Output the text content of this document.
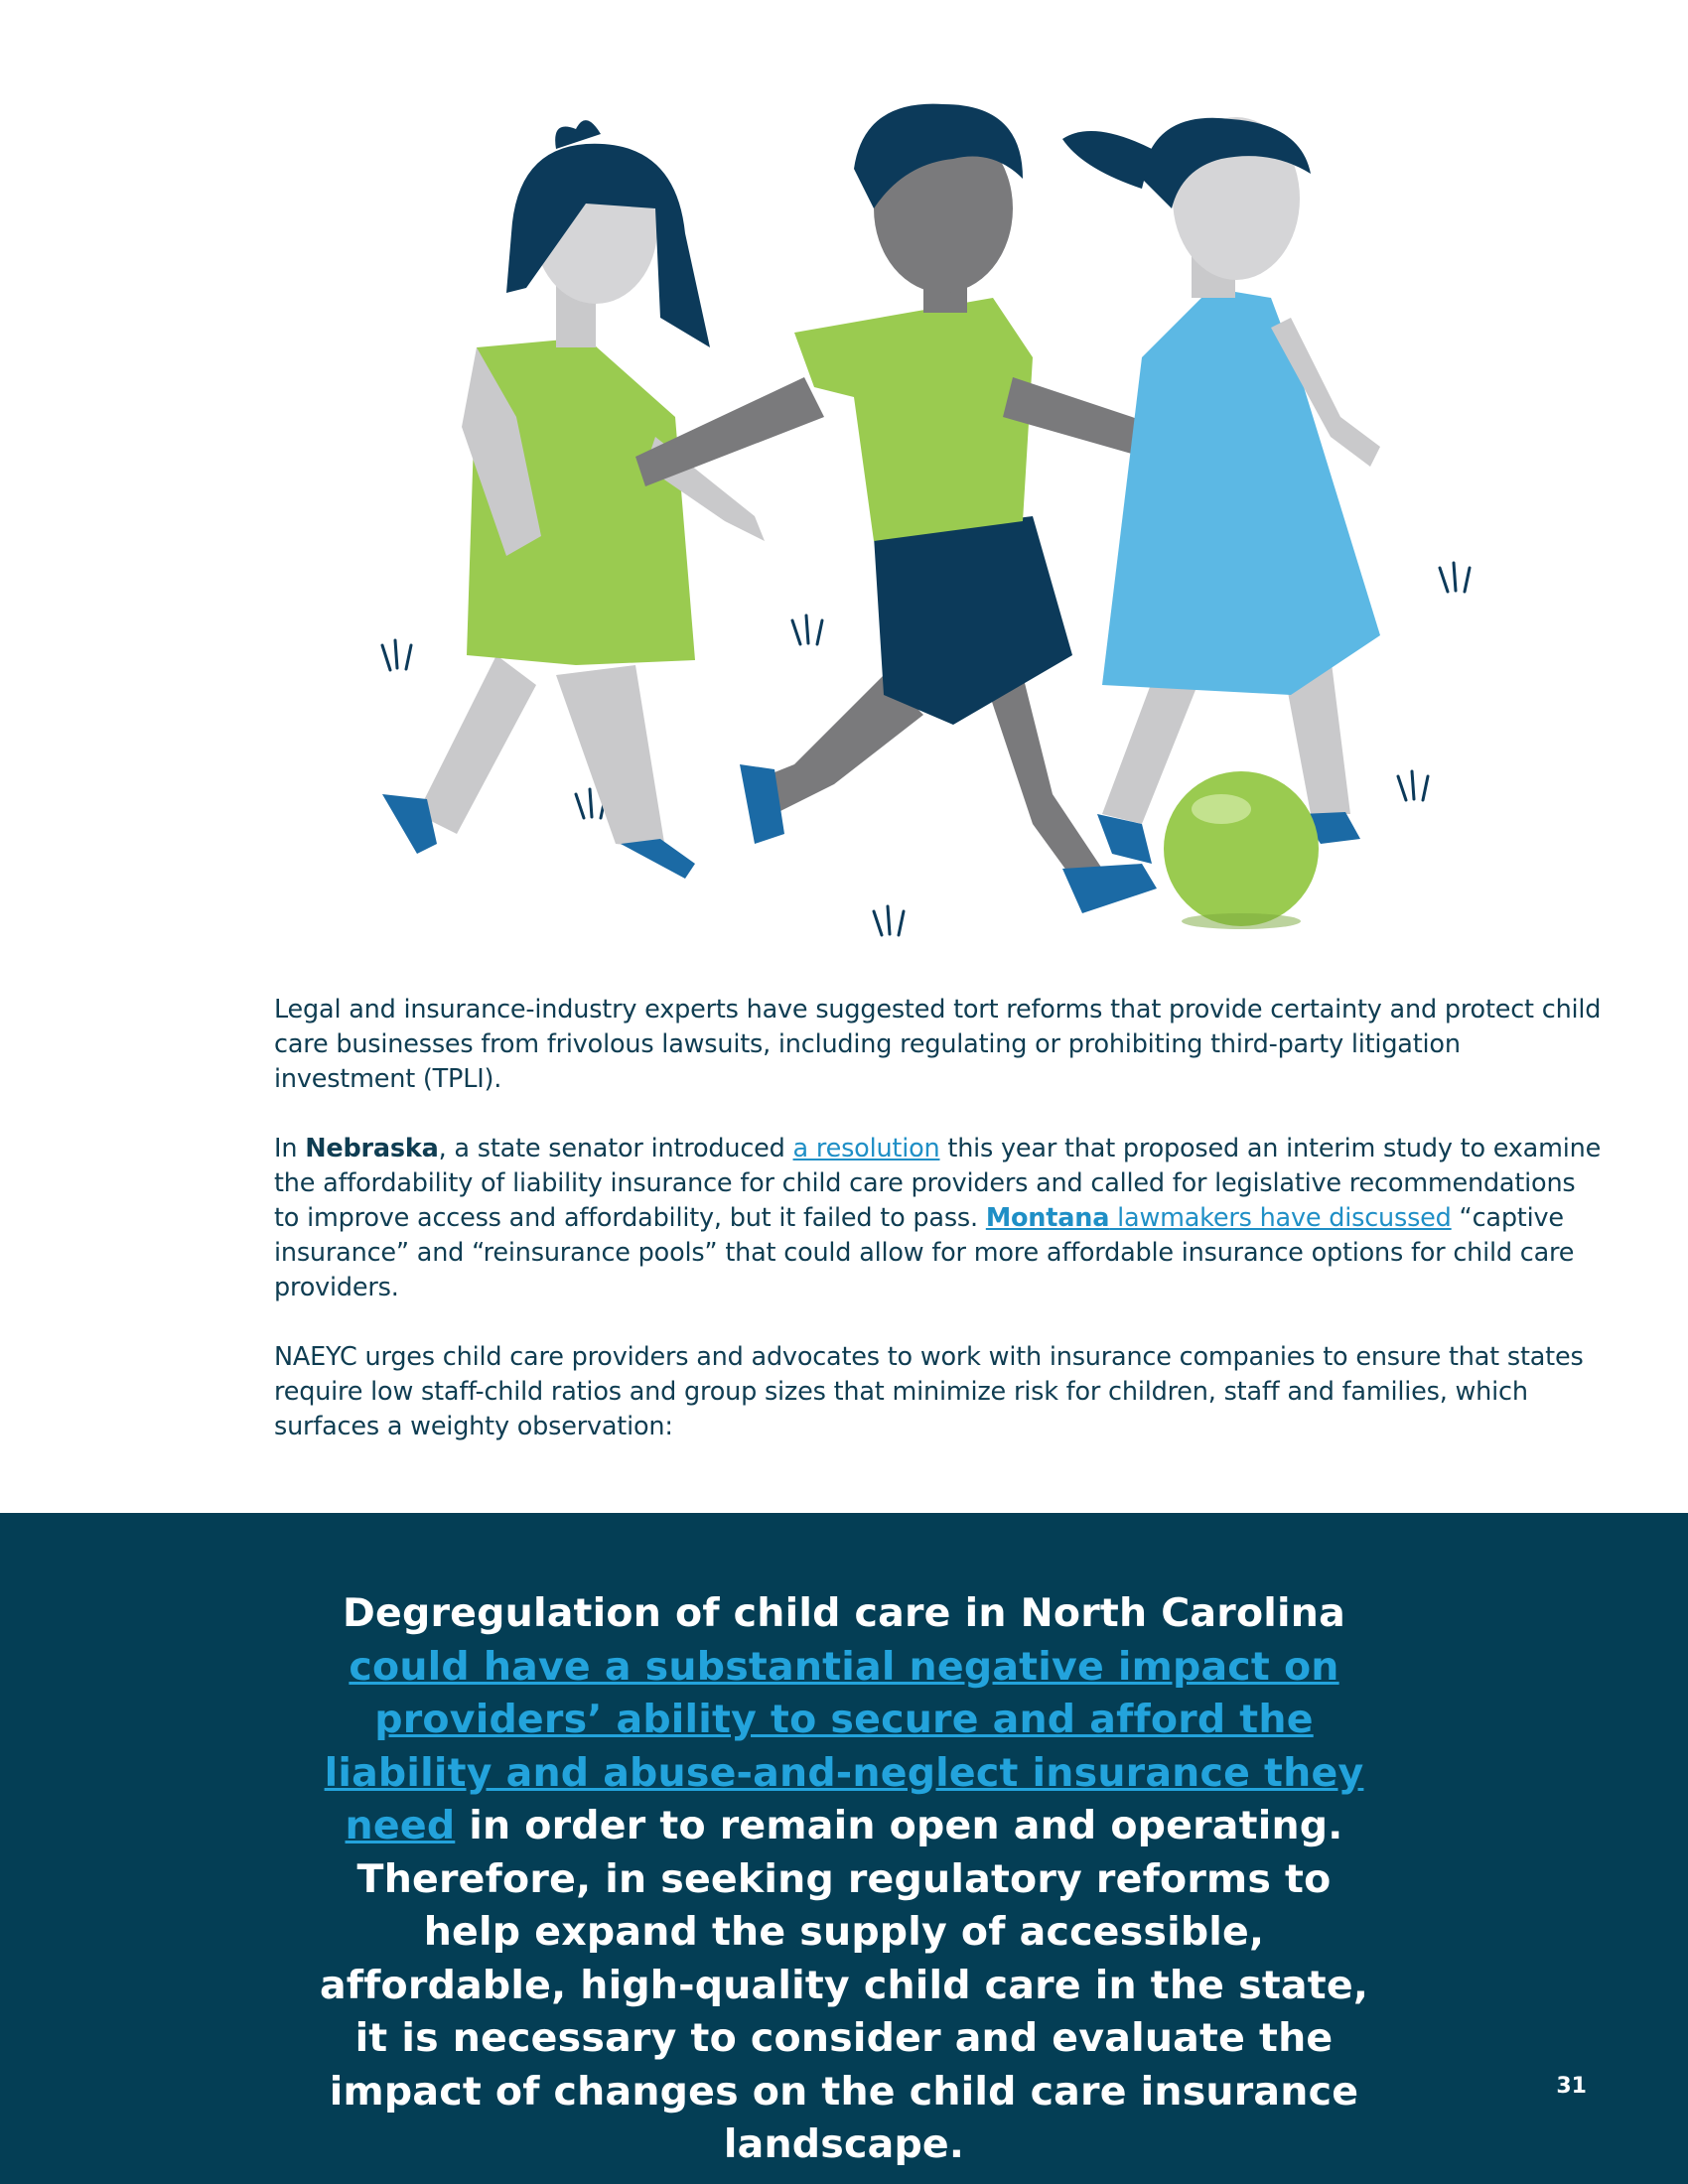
Legal and insurance-industry experts have suggested tort reforms that provide certainty and protect child care businesses from frivolous lawsuits, including regulating or prohibiting third-party litigation investment (TPLI).

In Nebraska, a state senator introduced a resolution this year that proposed an interim study to examine the affordability of liability insurance for child care providers and called for legislative recommendations to improve access and affordability, but it failed to pass. Montana lawmakers have discussed “captive insurance” and “reinsurance pools” that could allow for more affordable insurance options for child care providers.

NAEYC urges child care providers and advocates to work with insurance companies to ensure that states require low staff-child ratios and group sizes that minimize risk for children, staff and families, which surfaces a weighty observation:

Degregulation of child care in North Carolina could have a substantial negative impact on providers’ ability to secure and afford the liability and abuse-and-neglect insurance they need in order to remain open and operating. Therefore, in seeking regulatory reforms to help expand the supply of accessible, affordable, high-quality child care in the state, it is necessary to consider and evaluate the impact of changes on the child care insurance landscape.
31
